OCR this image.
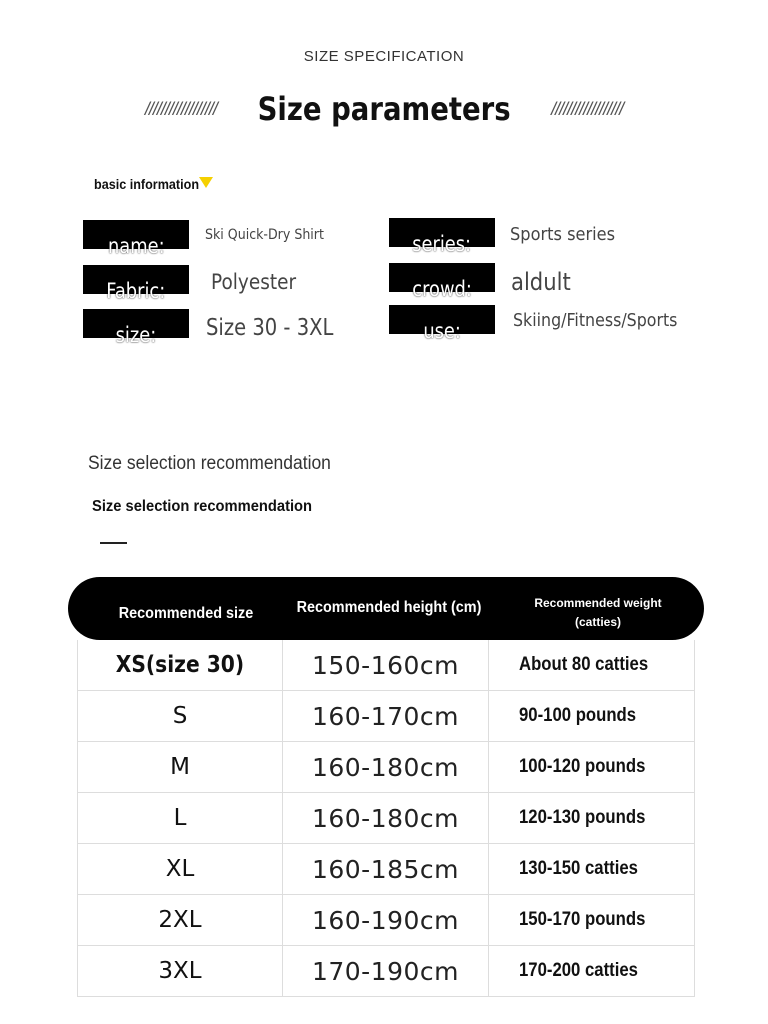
SIZE SPECIFICATION
////////////////// Size parameters //////////////////
basic information
name:	Ski Quick-Dry Shirt
Fabric: Polyester
size: Size 30 - 3XL
series: Sports series
crowd: aldult
use:	Skiing/Fitness/Sports
Size selection recommendation
Size selection recommendation
Recommended size	Recommended height (cm)	Recommended weight
(catties)
XS(size 30)	150-160cm	About 80 catties
S	160-170cm	90-100 pounds
M	160-180cm	100-120 pounds
L	160-180cm	120-130 pounds
XL	160-185cm	130-150 catties
2XL	160-190cm	150-170 pounds
3XL	170-190cm	170-200 catties
